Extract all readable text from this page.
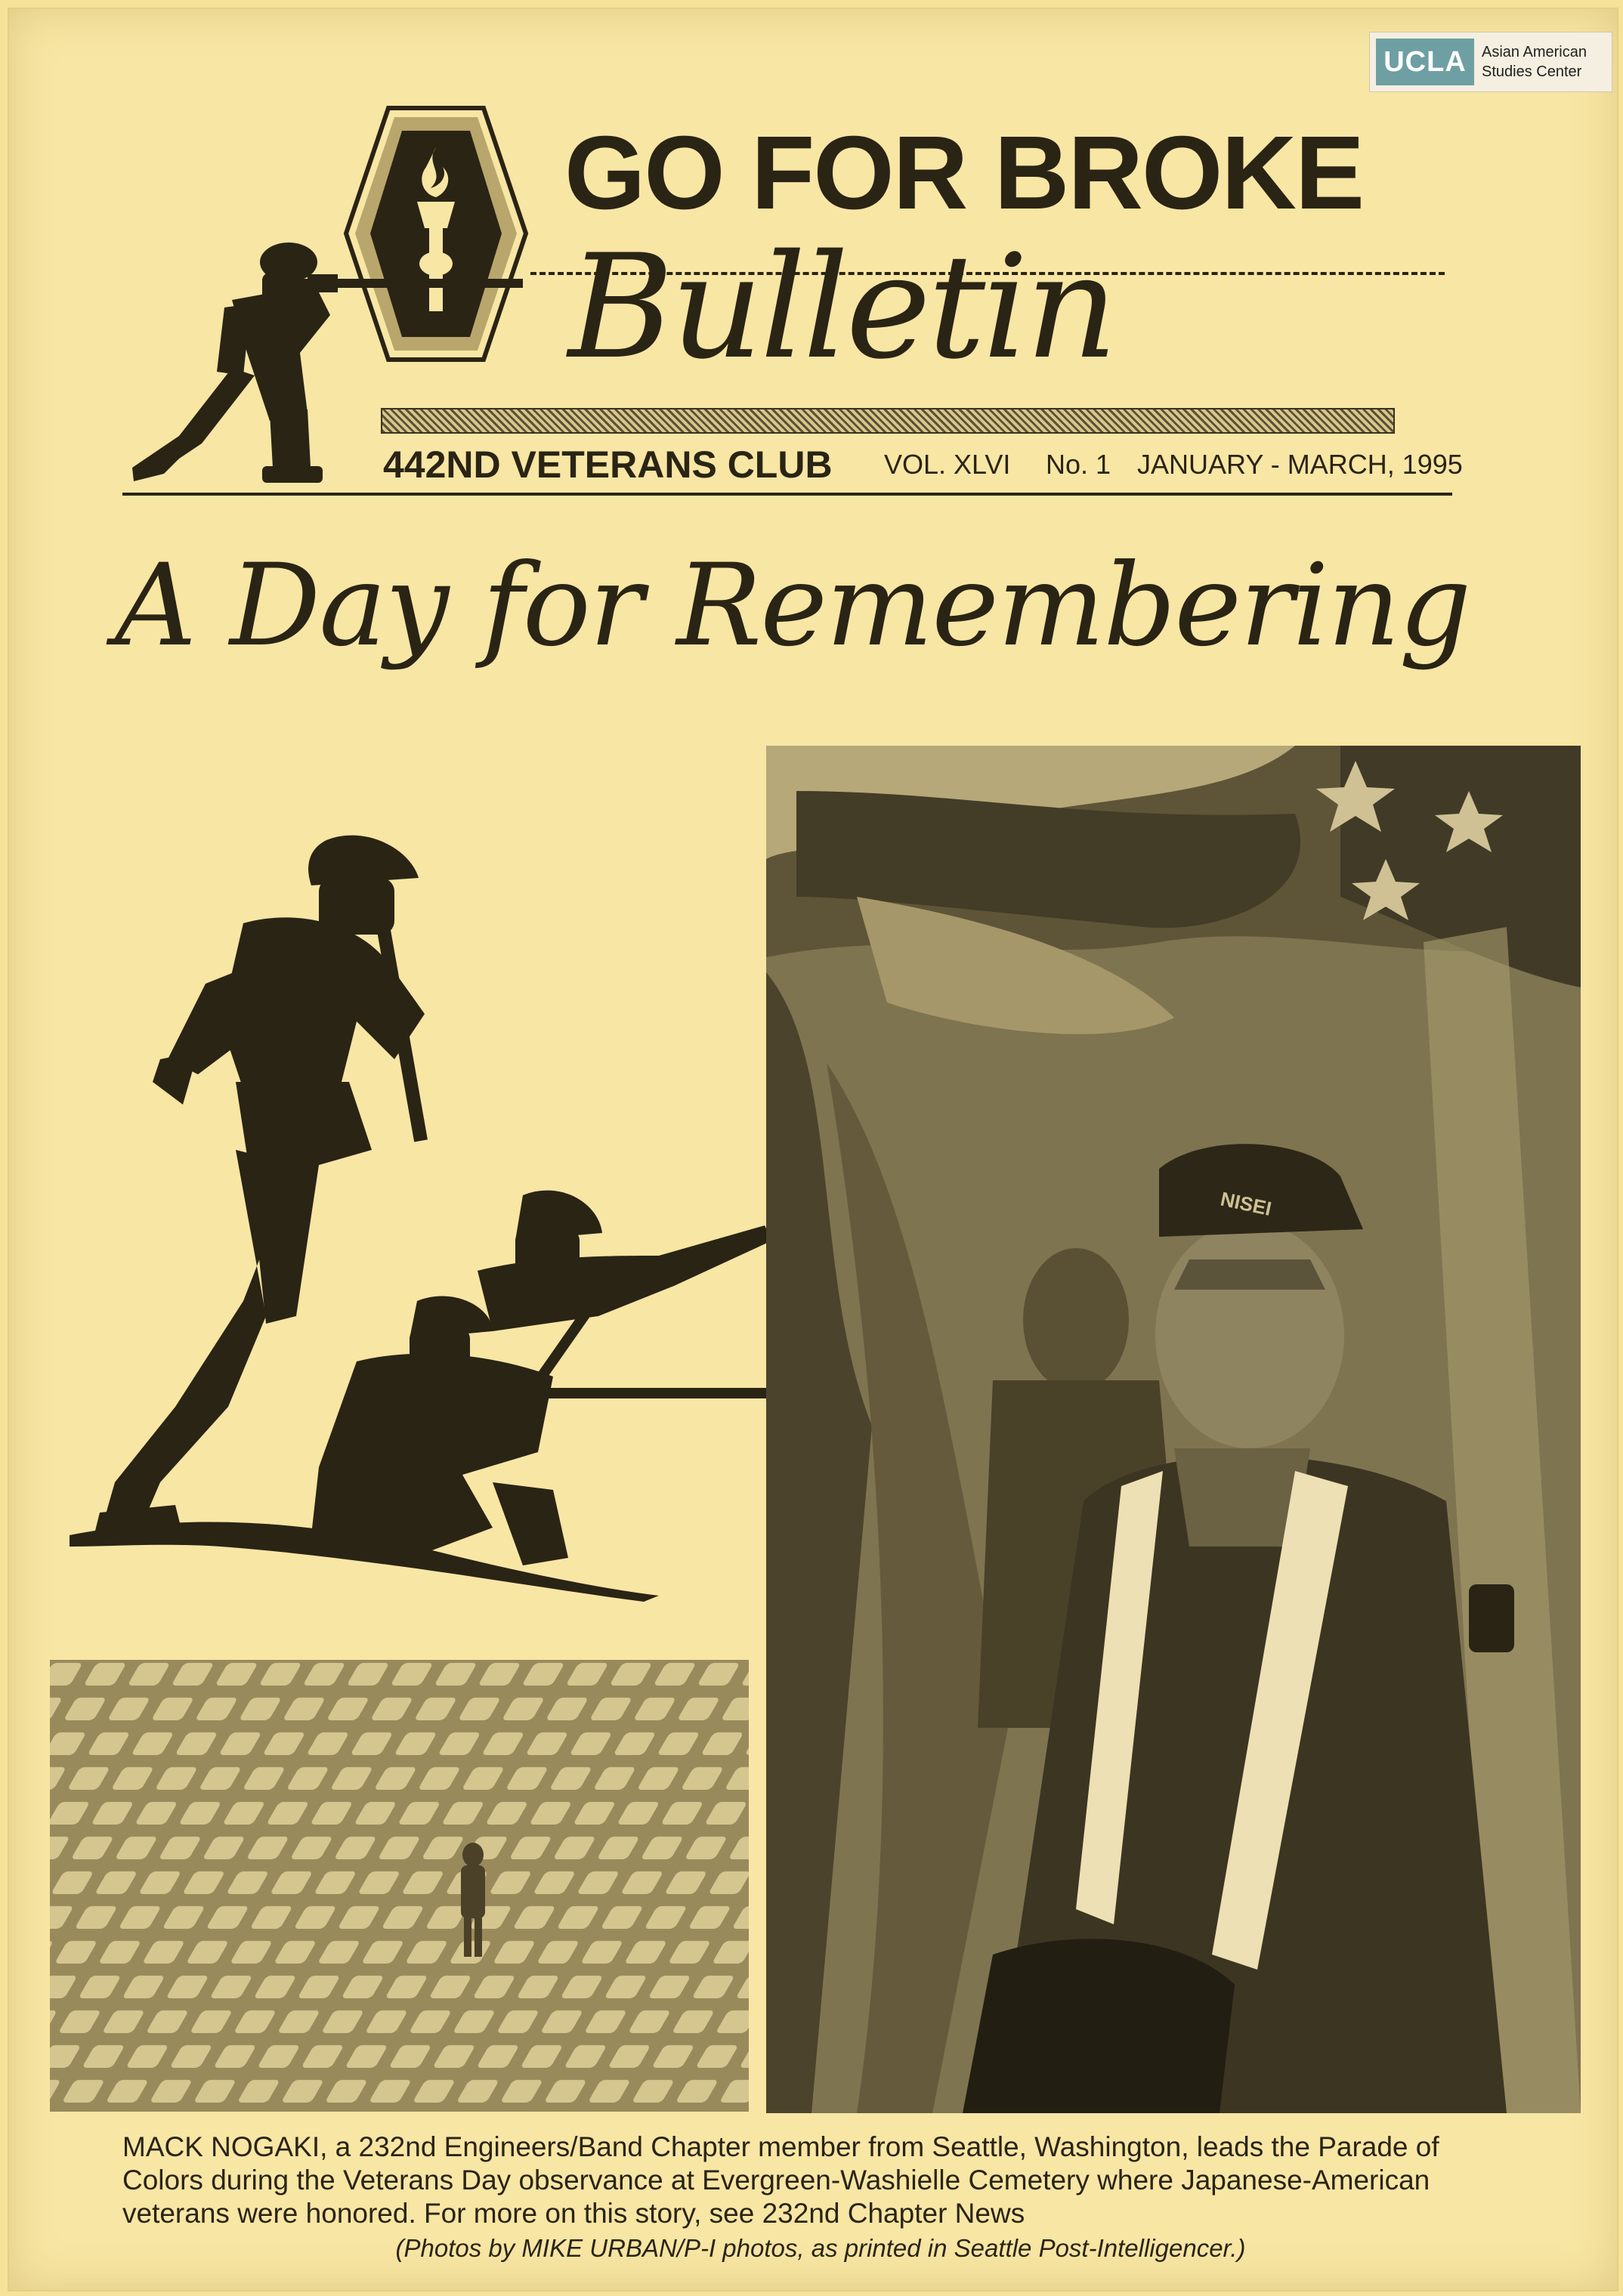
UCLA	Asian American Studies Center
GO FOR BROKE
Bulletin
442ND VETERANS CLUB VOL. XLVI No. 1 JANUARY - MARCH, 1995
A Day for Remembering
NISEI
MACK NOGAKI, a 232nd Engineers/Band Chapter member from Seattle, Washington, leads the Parade of Colors during the Veterans Day observance at Evergreen-Washielle Cemetery where Japanese-American veterans were honored. For more on this story, see 232nd Chapter News
(Photos by MIKE URBAN/P-I photos, as printed in Seattle Post-Intelligencer.)
